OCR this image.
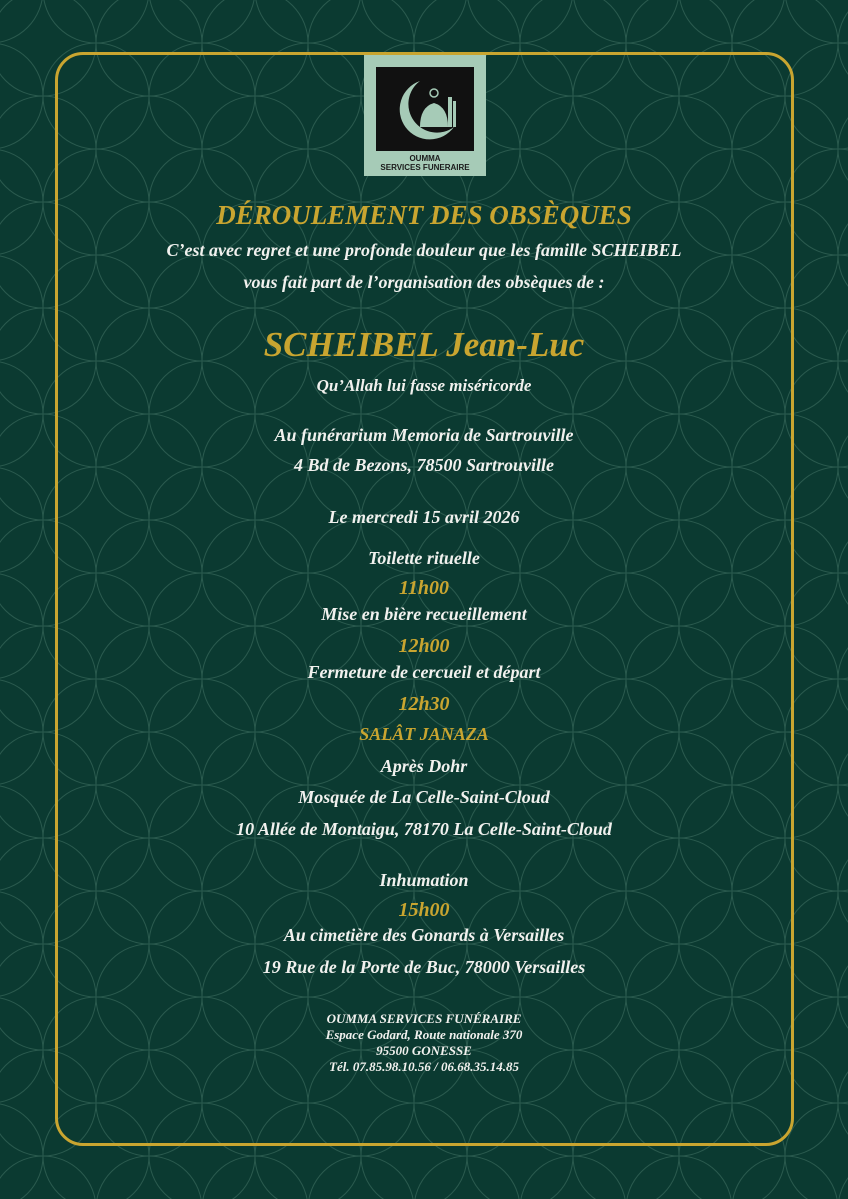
OUMMA
SERVICES FUNERAIRE
DÉROULEMENT DES OBSÈQUES
C’est avec regret et une profonde douleur que les famille SCHEIBEL
vous fait part de l’organisation des obsèques de :
SCHEIBEL Jean-Luc
Qu’Allah lui fasse miséricorde
Au funérarium Memoria de Sartrouville
4 Bd de Bezons, 78500 Sartrouville
Le mercredi 15 avril 2026
Toilette rituelle
11h00
Mise en bière recueillement
12h00
Fermeture de cercueil et départ
12h30
SALÂT JANAZA
Après Dohr
Mosquée de La Celle-Saint-Cloud
10 Allée de Montaigu, 78170 La Celle-Saint-Cloud
Inhumation
15h00
Au cimetière des Gonards à Versailles
19 Rue de la Porte de Buc, 78000 Versailles
OUMMA SERVICES FUNÉRAIRE
Espace Godard, Route nationale 370
95500 GONESSE
Tél. 07.85.98.10.56 / 06.68.35.14.85
